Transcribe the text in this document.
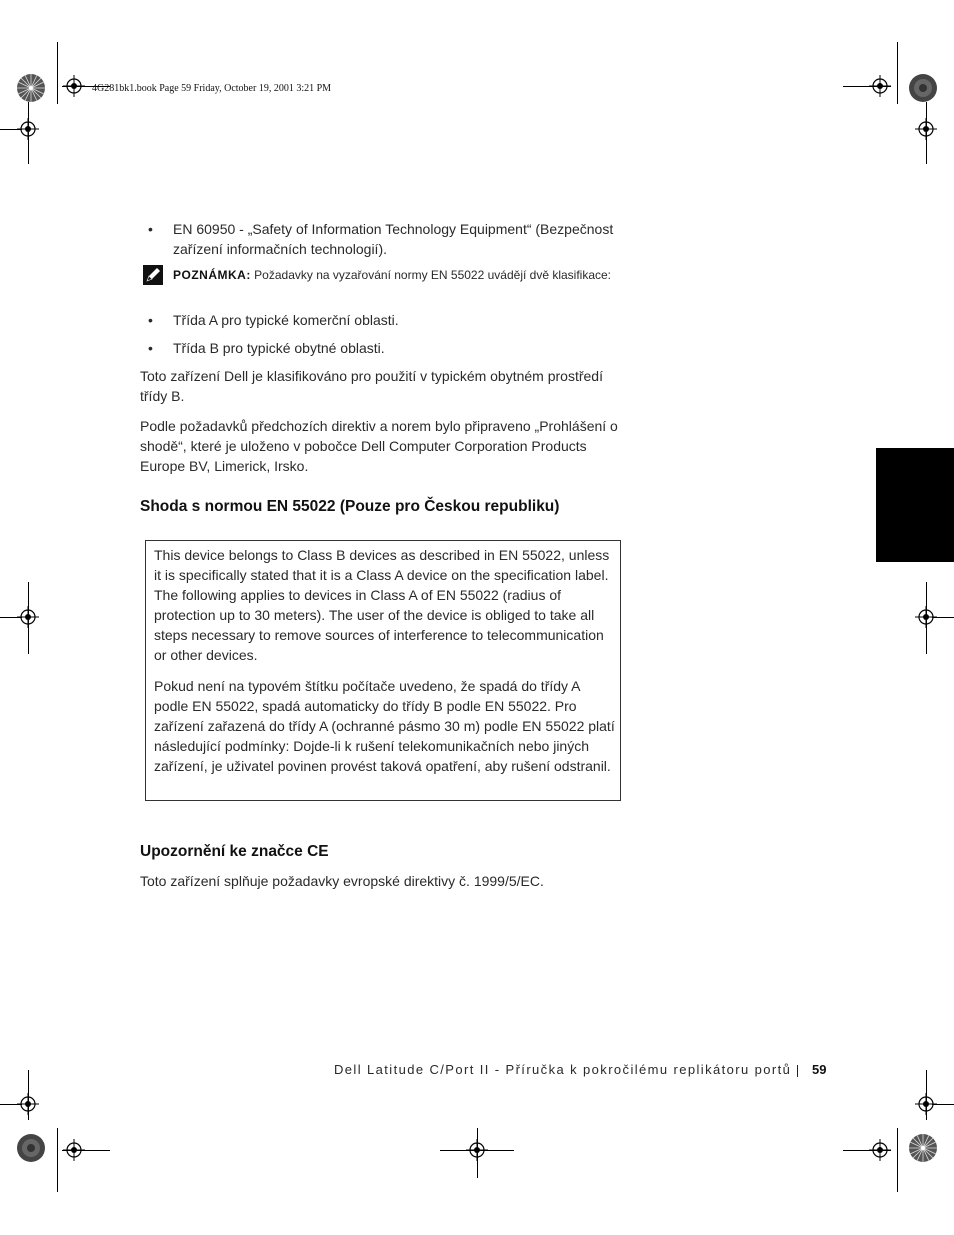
4G281bk1.book Page 59 Friday, October 19, 2001 3:21 PM
• EN 60950 - „Safety of Information Technology Equipment“ (Bezpečnost zařízení informačních technologií).
POZNÁMKA: Požadavky na vyzařování normy EN 55022 uvádějí dvě klasifikace:
• Třída A pro typické komerční oblasti.
• Třída B pro typické obytné oblasti.
Toto zařízení Dell je klasifikováno pro použití v typickém obytném prostředí třídy B.
Podle požadavků předchozích direktiv a norem bylo připraveno „Prohlášení o shodě“, které je uloženo v pobočce Dell Computer Corporation Products Europe BV, Limerick, Irsko.
Shoda s normou EN 55022 (Pouze pro Českou republiku)
This device belongs to Class B devices as described in EN 55022, unless it is specifically stated that it is a Class A device on the specification label. The following applies to devices in Class A of EN 55022 (radius of protection up to 30 meters). The user of the device is obliged to take all steps necessary to remove sources of interference to telecommunication or other devices.
Pokud není na typovém štítku počítače uvedeno, že spadá do třídy A podle EN 55022, spadá automaticky do třídy B podle EN 55022. Pro zařízení zařazená do třídy A (ochranné pásmo 30 m) podle EN 55022 platí následující podmínky: Dojde-li k rušení telekomunikačních nebo jiných zařízení, je uživatel povinen provést taková opatření, aby rušení odstranil.
Upozornění ke značce CE
Toto zařízení splňuje požadavky evropské direktivy č. 1999/5/EC.
Dell Latitude C/Port II - Příručka k pokročilému replikátoru portů 59
